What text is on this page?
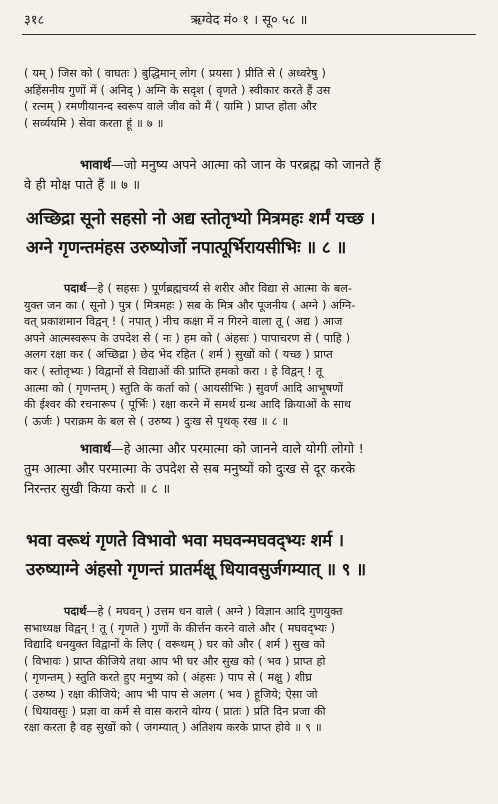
३१८	ऋग्वेद मं० १ । सू० ५८ ॥
( यम् ) जिस को ( वाघतः ) बुद्धिमान् लोग ( प्रयसा ) प्रीति से ( अध्वरेषु )
अहिंसनीय गुणों में ( अनिद् ) अग्नि के सदृश ( वृणते ) स्वीकार करते हैं उस
( रत्नम् ) रमणीयानन्द स्वरूप वाले जीव को मैं ( यामि ) प्राप्त होता और
( सर्व्ययमि ) सेवा करता हूं ॥ ७ ॥
भावार्थ—जो मनुष्य अपने आत्मा को जान के परब्रह्म को जानते हैं
वे ही मोक्ष पाते हैं ॥ ७ ॥
अच्छिद्रा सूनो सहसो नो अद्य स्तोतृभ्यो मित्रमहः शर्मं यच्छ ।
अग्ने गृणन्तमंहस उरुष्योर्जो नपात्पूर्भिरायसीभिः ॥ ८ ॥
पदार्थ—हे ( सहसः ) पूर्णब्रह्मचर्य्य से शरीर और विद्या से आत्मा के बल-
युक्त जन का ( सूनो ) पुत्र ( मित्रमहः ) सब के मित्र और पूजनीय ( अग्ने ) अग्नि-
वत् प्रकाशमान विद्वन् ! ( नपात् ) नीच कक्षा में न गिरने वाला तू ( अद्य ) आज
अपने आत्मस्वरूप के उपदेश से ( नः ) हम को ( अंहसः ) पापाचरण से ( पाहि )
अलग रक्षा कर ( अच्छिद्रा ) छेद भेद रहित ( शर्म ) सुखों को ( यच्छ ) प्राप्त
कर ( स्तोतृभ्यः ) विद्वानों से विद्याओं की प्राप्ति हमको करा । हे विद्वन् ! तू
आत्मा को ( गृणन्तम् ) स्तुति के कर्ता को ( आयसीभिः ) सुवर्ण आदि आभूषणों
की ईश्वर की रचनारूप ( पूर्भिः ) रक्षा करने में समर्थ ग्रन्थ आदि क्रियाओं के साथ
( ऊर्जः ) पराक्रम के बल से ( उरुष्य ) दुःख से पृथक् रख ॥ ८ ॥
भावार्थ—हे आत्मा और परमात्मा को जानने वाले योगी लोगो !
तुम आत्मा और परमात्मा के उपदेश से सब मनुष्यों को दुःख से दूर करके
निरन्तर सुखी किया करो ॥ ८ ॥
भवा वरूथं गृणते विभावो भवा मघवन्मघवद्भ्यः शर्म ।
उरुष्याग्ने अंहसो गृणन्तं प्रातर्मक्षू धियावसुर्जगम्यात् ॥ ९ ॥
पदार्थ—हे ( मघवन् ) उत्तम धन वाले ( अग्ने ) विज्ञान आदि गुणयुक्त
सभाध्यक्ष विद्वन् ! तू ( गृणते ) गुणों के कीर्त्तन करने वाले और ( मघवद्भ्यः )
विद्यादि धनयुक्त विद्वानों के लिए ( वरूथम् ) घर को और ( शर्म ) सुख को
( विभावः ) प्राप्त कीजिये तथा आप भी घर और सुख को ( भव ) प्राप्त हो
( गृणन्तम् ) स्तुति करते हुए मनुष्य को ( अंहसः ) पाप से ( मक्षु ) शीघ्र
( उरुष्य ) रक्षा कीजिये; आप भी पाप से अलग ( भव ) हूजिये; ऐसा जो
( धियावसुः ) प्रज्ञा वा कर्म से वास कराने योग्य ( प्रातः ) प्रति दिन प्रजा की
रक्षा करता है वह सुखों को ( जगम्यात् ) अतिशय करके प्राप्त होवे ॥ ९ ॥
